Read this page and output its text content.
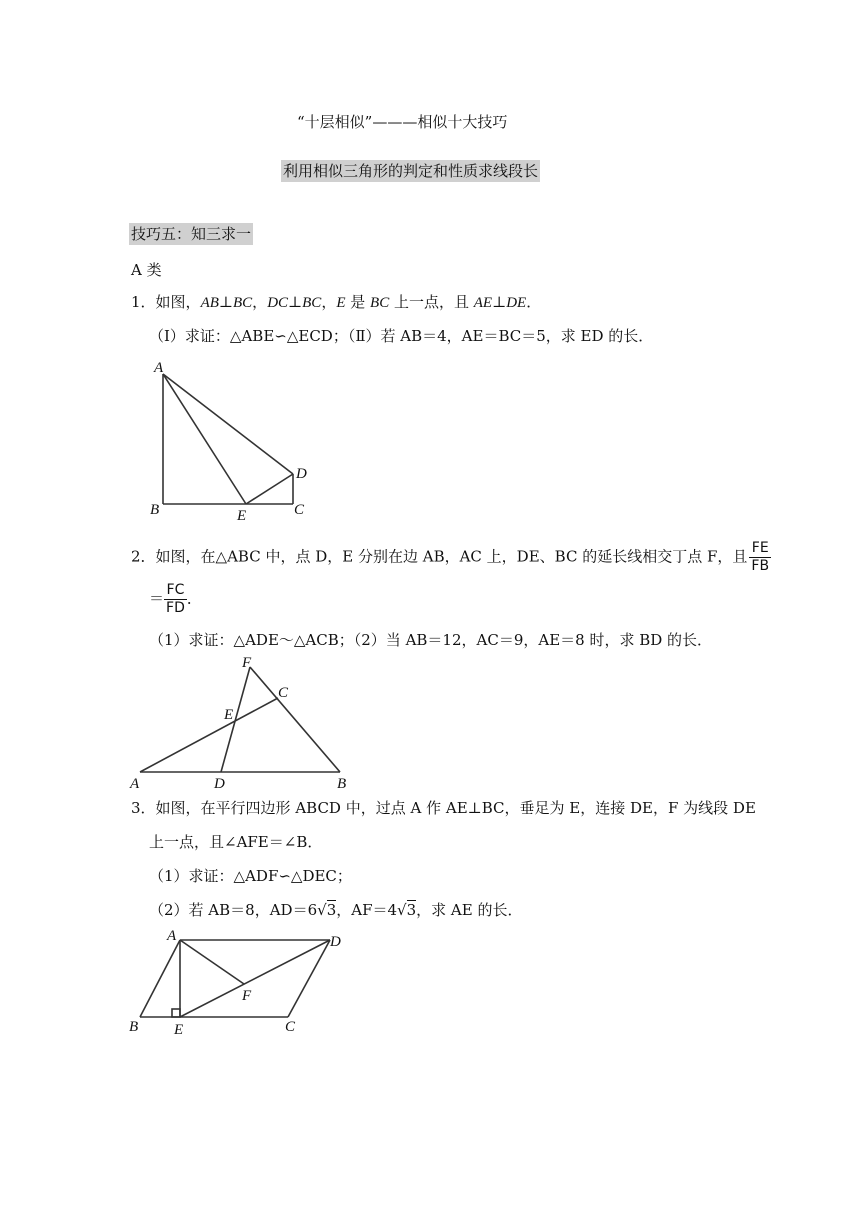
“十层相似”———相似十大技巧
利用相似三角形的判定和性质求线段长
技巧五：知三求一
A 类
1．如图，AB⊥BC，DC⊥BC，E 是 BC 上一点，且 AE⊥DE．
（I）求证：△ABE∽△ECD；（Ⅱ）若 AB＝4，AE＝BC＝5，求 ED 的长．
A
B	E	C
D
2．如图，在△ABC 中，点 D，E 分别在边 AB，AC 上，DE、BC 的延长线相交丁点 F，且 $\frac{FE}{FB}$
＝ $\frac{FC}{FD}$ ．
（1）求证：△ADE～△ACB；（2）当 AB＝12，AC＝9，AE＝8 时，求 BD 的长．
F
C
E
A	D	B
3．如图，在平行四边形 ABCD 中，过点 A 作 AE⊥BC，垂足为 E，连接 DE，F 为线段 DE
上一点，且∠AFE＝∠B．
（1）求证：△ADF∽△DEC；
（2）若 AB＝8，AD＝6√3，AF＝4√3，求 AE 的长．
A	D
F
B E	C
